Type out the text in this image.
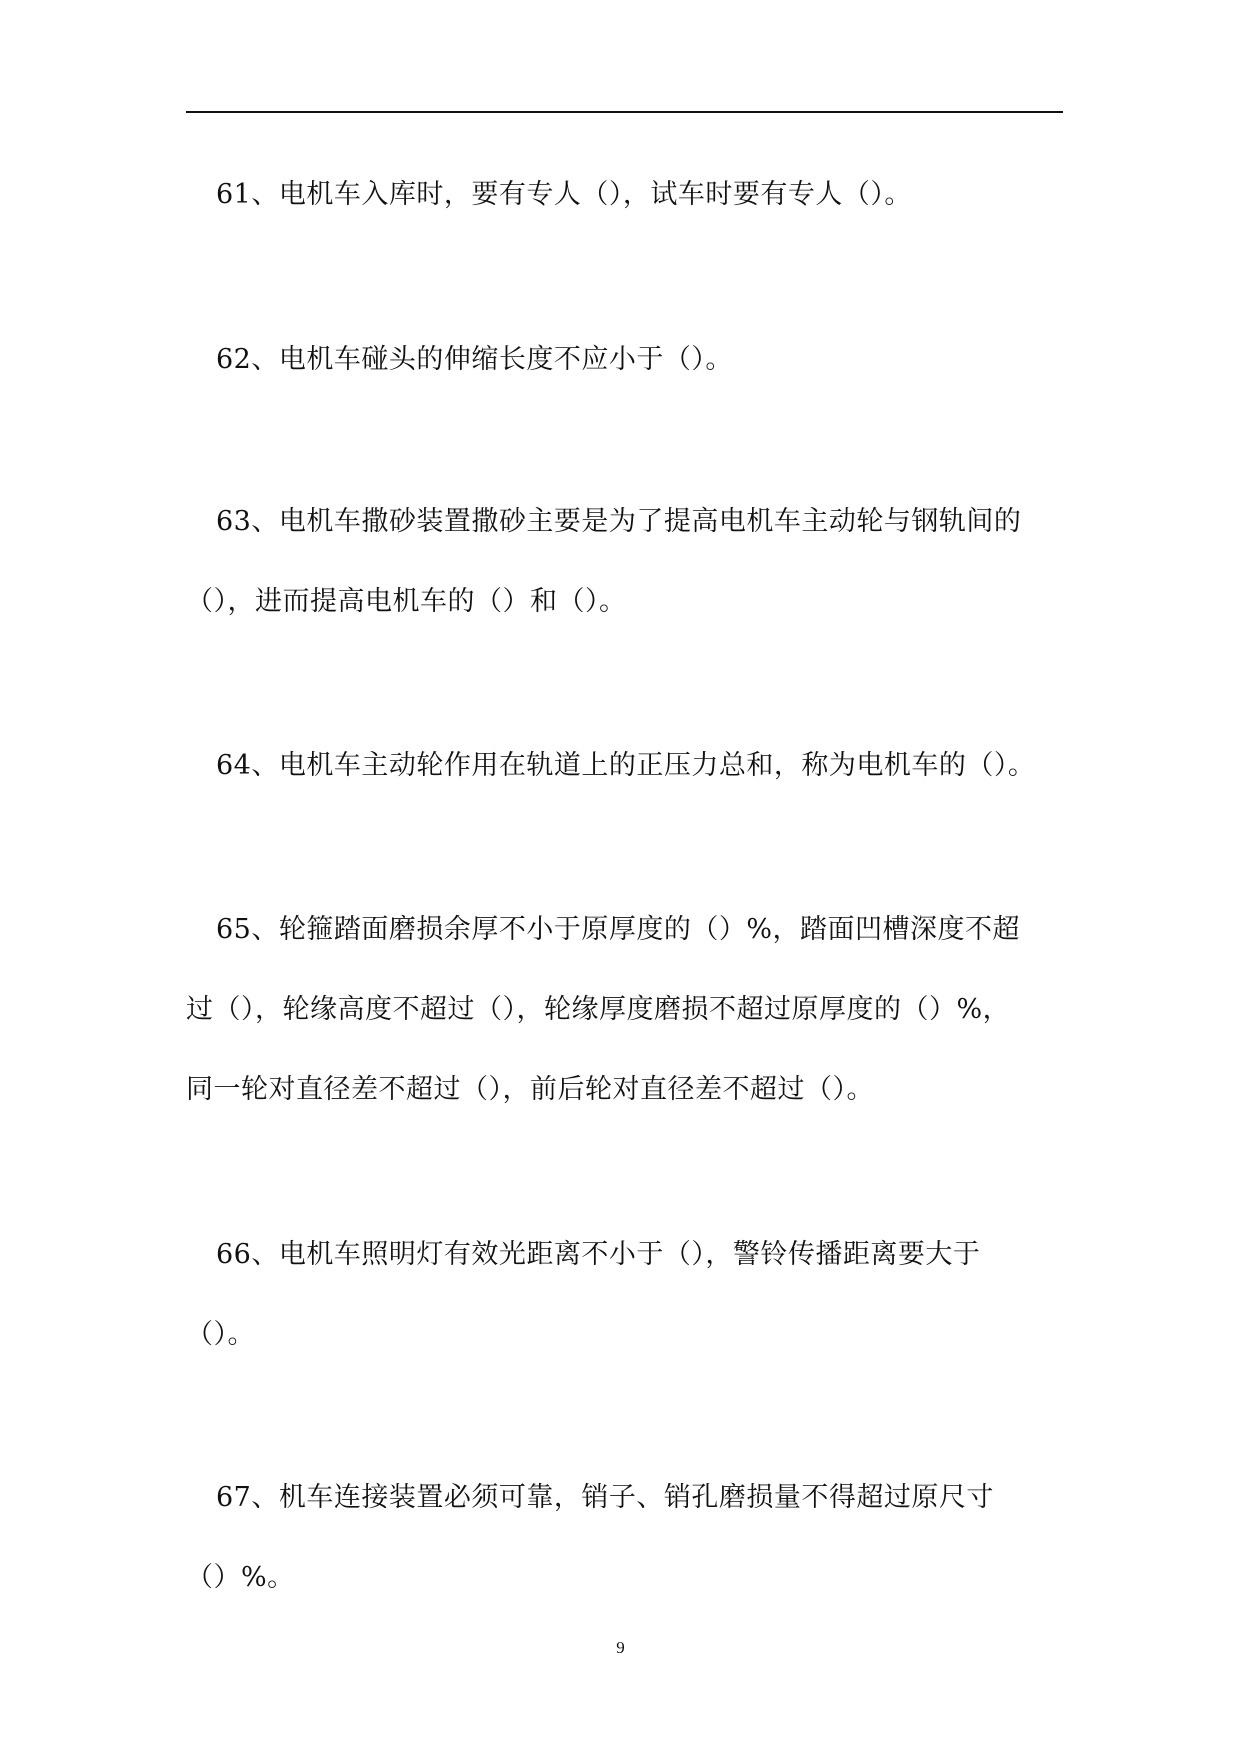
61、电机车入库时，要有专人（），试车时要有专人（）。
62、电机车碰头的伸缩长度不应小于（）。
63、电机车撒砂装置撒砂主要是为了提高电机车主动轮与钢轨间的
（），进而提高电机车的（）和（）。
64、电机车主动轮作用在轨道上的正压力总和，称为电机车的（）。
65、轮箍踏面磨损余厚不小于原厚度的（）%，踏面凹槽深度不超
过（），轮缘高度不超过（），轮缘厚度磨损不超过原厚度的（）%，
同一轮对直径差不超过（），前后轮对直径差不超过（）。
66、电机车照明灯有效光距离不小于（），警铃传播距离要大于
（）。
67、机车连接装置必须可靠，销子、销孔磨损量不得超过原尺寸
（）%。
9
